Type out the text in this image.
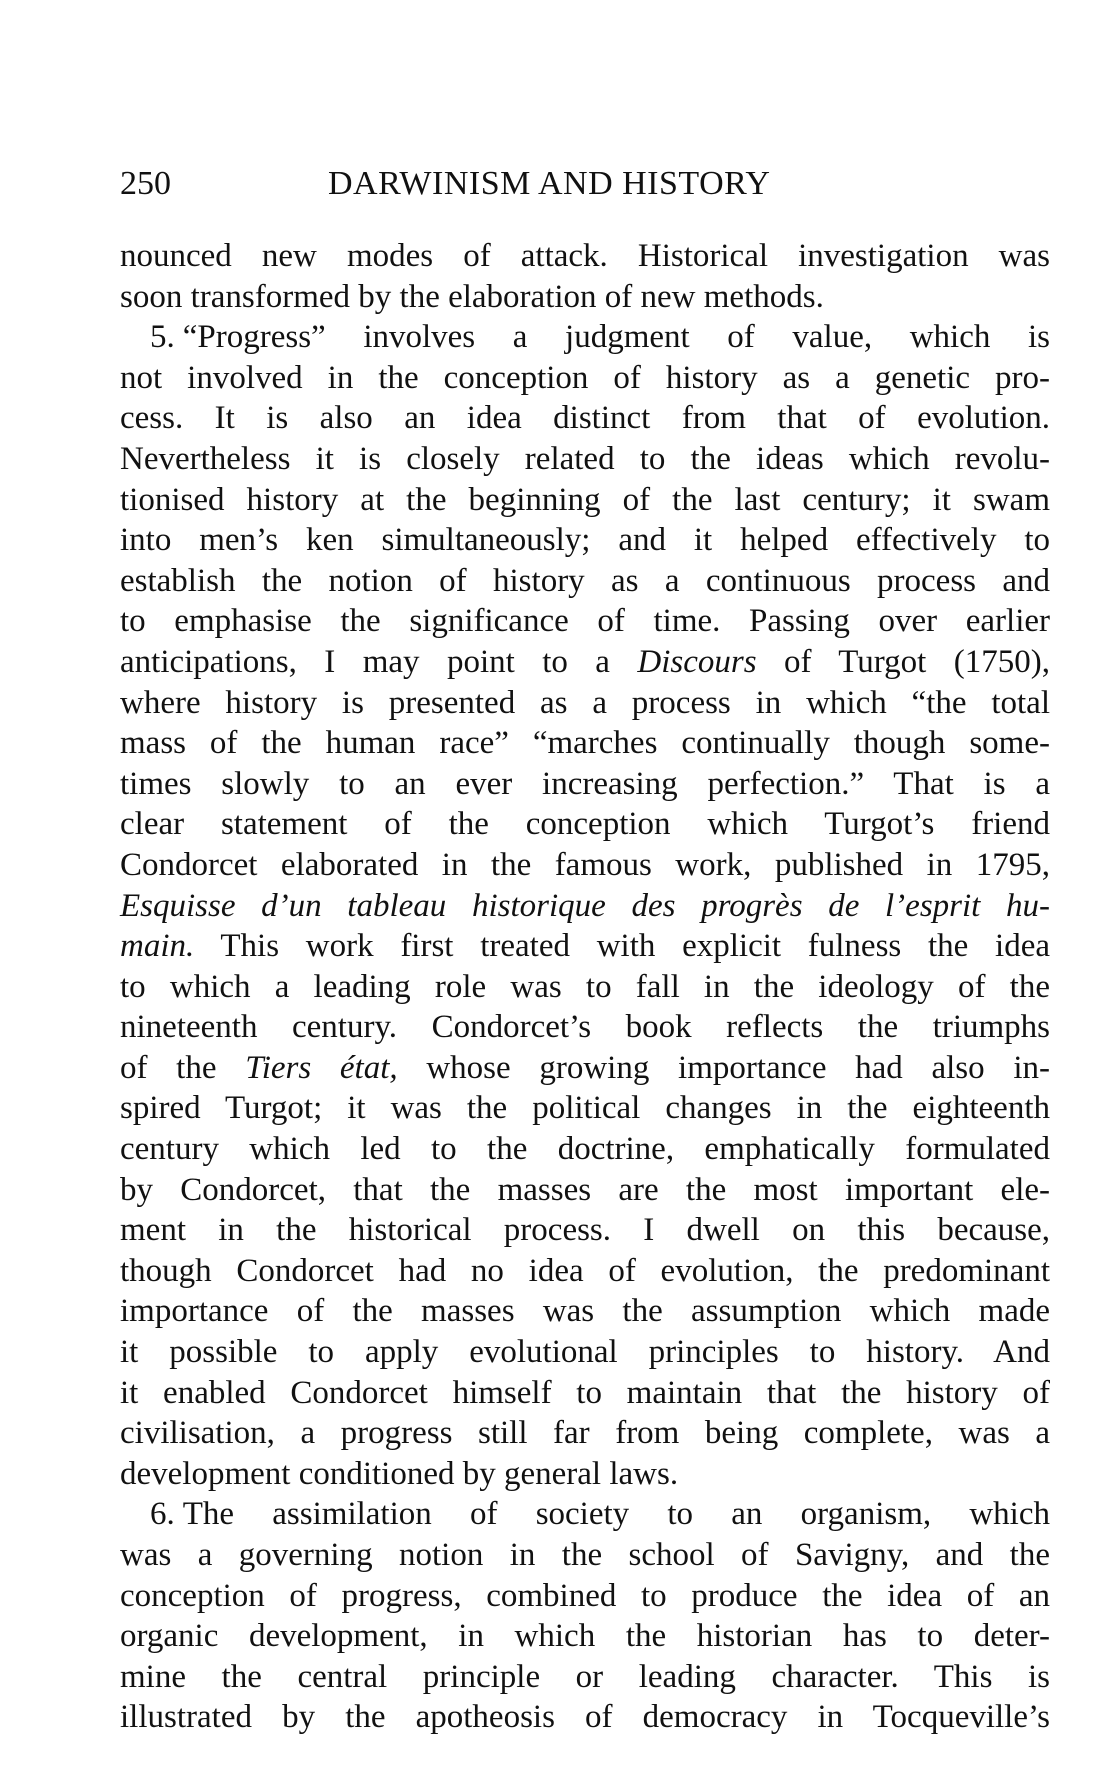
250	DARWINISM AND HISTORY
nounced new modes of attack. Historical investigation was
soon transformed by the elaboration of new methods.
5. “Progress” involves a judgment of value, which is
not involved in the conception of history as a genetic pro-
cess. It is also an idea distinct from that of evolution.
Nevertheless it is closely related to the ideas which revolu-
tionised history at the beginning of the last century; it swam
into men’s ken simultaneously; and it helped effectively to
establish the notion of history as a continuous process and
to emphasise the significance of time. Passing over earlier
anticipations, I may point to a Discours of Turgot (1750),
where history is presented as a process in which “the total
mass of the human race” “marches continually though some-
times slowly to an ever increasing perfection.” That is a
clear statement of the conception which Turgot’s friend
Condorcet elaborated in the famous work, published in 1795,
Esquisse d’un tableau historique des progrès de l’esprit hu-
main. This work first treated with explicit fulness the idea
to which a leading role was to fall in the ideology of the
nineteenth century. Condorcet’s book reflects the triumphs
of the Tiers état, whose growing importance had also in-
spired Turgot; it was the political changes in the eighteenth
century which led to the doctrine, emphatically formulated
by Condorcet, that the masses are the most important ele-
ment in the historical process. I dwell on this because,
though Condorcet had no idea of evolution, the predominant
importance of the masses was the assumption which made
it possible to apply evolutional principles to history. And
it enabled Condorcet himself to maintain that the history of
civilisation, a progress still far from being complete, was a
development conditioned by general laws.
6. The assimilation of society to an organism, which
was a governing notion in the school of Savigny, and the
conception of progress, combined to produce the idea of an
organic development, in which the historian has to deter-
mine the central principle or leading character. This is
illustrated by the apotheosis of democracy in Tocqueville’s
